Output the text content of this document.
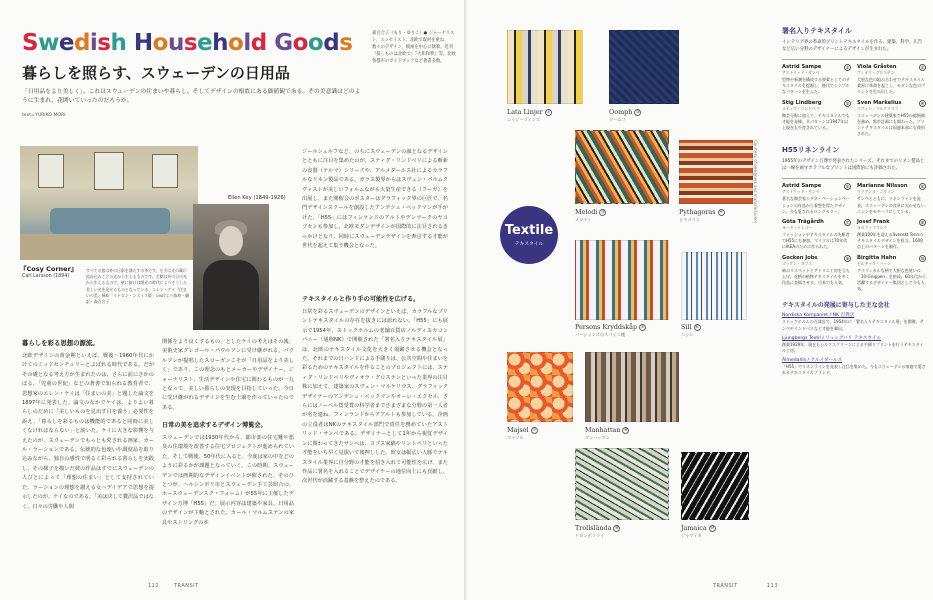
Swedish Household Goods
暮らしを照らす、スウェーデンの日用品
「日用品をより美しく」。これはスウェーデンの住まいや暮らし、そしてデザインの根底にある価値観である。その美意識はどのように生まれ、花開いていったのだろうか。
text=YURIKO MORI
森百合子（もり・ゆりこ）● ジャーナリスト、エッセイスト。北欧で取材を重ね、数々のデザイン、映画を中心に執筆。近刊『探しものは北欧で』『大和和夢』等。北欧各都市のガイドブックなど著書多数。
Ellen Key (1849-1926)
『Cosy Corner』
Carl Larsson (1894)
すべての窓は外の日影を満たすの茶です。左手は光の蔵に流れ込みこどの光から生えるものです。左側は外の日の光から生えるもので、壁に掛けは開光の時代によりそうした美しい光を見せるものとなっている。エレン・ケイ『住まいの美』挿絵「イトロン・ンスイス版」1907より抜粋・翻訳・森百合子
暮らしを彩る思想の源流。
北欧デザインの黄金期といえば、戦後〜1960年代にかけてのミッドセンチュリーとよばれる時代である。だがその礎となる考え方が生まれたのは、さらに前にさかのぼる。「児童の世紀」などの著書で知られる教育者で、思想家のエレン・ケイは「住まいの美」と題した論文を1897年に発表した。論文のなかでケイは、よりよい暮らしのために「美しいものを見出す目を養う」必要性を訴え、「暮らしを彩るものは機能的であると同時に美しくなければならない」と説いた。ケイに大きな影響を与えたのが、スウェーデンでもっとも愛される画家、カール・ラーションである。伝統的な色使いや調度品を取り込みながら、独自の感性で明るく彩られる暮らしを実践し、その様子を描いた彼の作品はすでにスウェーデンの人びとによって「理想の住まい」として支持されていた。ラーションの理想を讃える女ヘデイデアで思想を提示したのが、ケイなのである。「美は決して贅沢品ではなく、日々の労働や人間
関係をより良くするもの」としたケイの考えはその後、美術史家グレゴール・パウルソンに受け継がれる。パウルソンが提唱したスローガンこそが「日用品をより美しく」であり、この理念のもとメーカーやデザイナー、ジャーナリスト、生活デザインや住宅に関わるものが一丸となって、美しい暮らしの実現を目指していった。今日に受け継がれるデザインを生む土壌を作っていったのである。
日常の美を追求するデザイン博覧会。
スウェーデンでは1930年代から、都市部の住宅難や悪臭の住環境を改善する住宅プロジェクトが進められていた。そして戦後、50年代に入ると、今度は家の中をどのように彩るかが課題となっていく。この時期、スウェーデンでは画期的なデザインイベントが催された。そのひとつが、ヘルシンボリ市とスウェーデン手工芸組合の、ホースウェーデンスク・フォーム）が55年に主催したデザイン万博「H55」だ。展示内容は建築や家具、日用品のデザインが主軸とされた。カール・マルムステンの家具やストリングの本
ジールシェルフなど、のちにスウェーデンの顔となるデザインとともに注目を集めたのが、スティグ・リンドベリによる斬新の食器（テルマ）シリーズや、アルメダールス社によるカラフルなリネン製品である。ガラス製界からはスヴェン・パルムクヴィストが美しいフォルムながら大量生産できる（フーガ）を出展し、また開催会のポスターはグラフィック界の巨匠で、名門デザインスクールを創設したアンデシュ・ベックマンが手がけた。「H55」にはフィンランドのアルトやデンマークのヤコブセンも参加し、北欧モダンデザインが国際的に注目されるきっかけとなり、同時にスウェーデンデザインを牽引する才能が世代を超えて集う機会となった。
テキスタイルと作り手の可能性を広げる。
日常を彩るスウェーデンのデザインといえば、カラフルなプリントテキスタイルの存在を抜きには語れない。「H55」にも展示で1954年、ストックホルムの老舗百貨店ノルディスカコンパニー（通称NK）で開催された「署名入りテキスタイル展」は、北欧のテキスタイル文化を大きく飛躍させる機会となった。それまでの日ハンドによる手刷りは、公共空間や住まいを彩るためのテキスタイルを作ることのプロジェクトには、スティグ・リンドベリやヴィオラ・グロステンといった業界の注目株に加えて、建築家のスヴェン・マルケリウス、グラフィックデザイナーのアンデシュ・ベックマンやオーレ・エクセル、さらにはノーベル賞受賞の科学者までさまざまな分野の第一人者が名を連ね、フィンランドからアアルトも参加している。企画の立役者はNKのテキスタイル部門で責任を務めていたアストリッド・サンペである。デザイナーとして1年から視覚デザインに関わってきたサンペは、ヨブス家縞やリントベリといった才能をいち早く見抜いて後押しした。彼女は幅広い人脈でテキスタイル業界に自分野の才能を招き入れて可能性を広げ、また作品に署名を入れることでデザイナーの地位向上にも貢献し、次世代が活躍する基盤を整えたのである。
112	TRANSIT
Lata Linjer ①
レイジーラインズ
Oomph ②
ウームフ
Textile
テキスタイル
Melodi ③
メロディ
Pythagoras ④
ピタゴラス
Persons Kryddskåp ⑤
パーションズのスパイス棚
Sill ⑥
ニシン
Majsol ⑦
マイソル
Manhattan ⑧
マンハッタン
Trollslända ⑨
トロンボフライ
Jamaica ⑩
ジャマイカ
Courtesy of designers and manufacturers
署名入りテキスタイル
インテリア界の革命的プリントテキスタイルを作る。建築、科学、広告など広い分野のデザイナーによるデザインが生まれた。
①
Astrid Sampe
アストリッド・サンペ
型物や新潮を構成する要素としてのテキスタイルを提唱し、後代でシンプルなパターンを生んだ。
②
Viola Gråsten
ヴィオラ・グロステン
大胆な色の組み合わせでテキスタイル業界に革命を起こし、モダンな色のプリントを生み出した。
③
Stig Lindberg
スティグ・リンドベリ
陶芸分野に加えて、テキスタイルでも才能を発揮。半パターンは1947年以上現在も生産されている。
④
Sven Markelius
スヴェン・マルケリウス
スウェーデンの建築家でH55の総指揮を務め、都市計画にも関わった。プリントテキスタイルは国連本部にも使用された。
H55リネンライン
1955年のデザイン万博で発表されたシリーズ。それまでのリネン製品とは一線を画すカラフルなプリントは国際的にも評価された。
⑤
Astrid Sampe
アストリッド・サンペ
著名な陶芸家シグネ・ペーションペーションの作品から着想を得たデザイン。今も愛されるロングセラー。
⑥
Marianne Nilsson
マリアンヌ・ニルソン
サンペとともに、リネンラインを発表。スウェーデンの食卓に欠かせないニシンをモチーフにしている。
⑦
Göta Trägårdh
ヨータ・トレゴー
ファッションやテキスタイルの先駆者でH55にも参加。マイソルは70年代にIKEAのために作られた。
⑧
Josef Frank
ヨセフ・フランク
創業100年を迎えるSvenskt Tennのテキスタイルデザインを担当。1600点上のパターンを制作。
⑨
Gocken Jobs
ゴッケン・ヨブス
姉のリスベットとアトリエ工房を立ち上げ、花柄の植物テキスタイルを多く作品に登場させる。日本でも人気。
⑩
Birgitta Hahn
ビルギッタ・ハーン
グラフィカルな柄で大胆な色使いの「10-Gruppen」を結成。60年代から活躍するデザイナー集団として今も人気。
テキスタイルの発展に寄与した主な会社
Nordiska Kompaniet / NK 百貨店
ストックホルムの百貨店で、1954年に「署名入りテキスタイル展」を開催。サンペやリンドベリなど才能を輩出。
Ljungbergs Textil / リュングバリ テキスタイル
創業1929年、現在もシルクスクリーンによる手刷りプリントを行うテキスタイル工房。
Almedahls / アルメダールス
「H55」でリネンラインを発表し注目を集めた。今もスウェーデンの家庭で愛されるテキスタイルブランド。
TRANSIT	113
